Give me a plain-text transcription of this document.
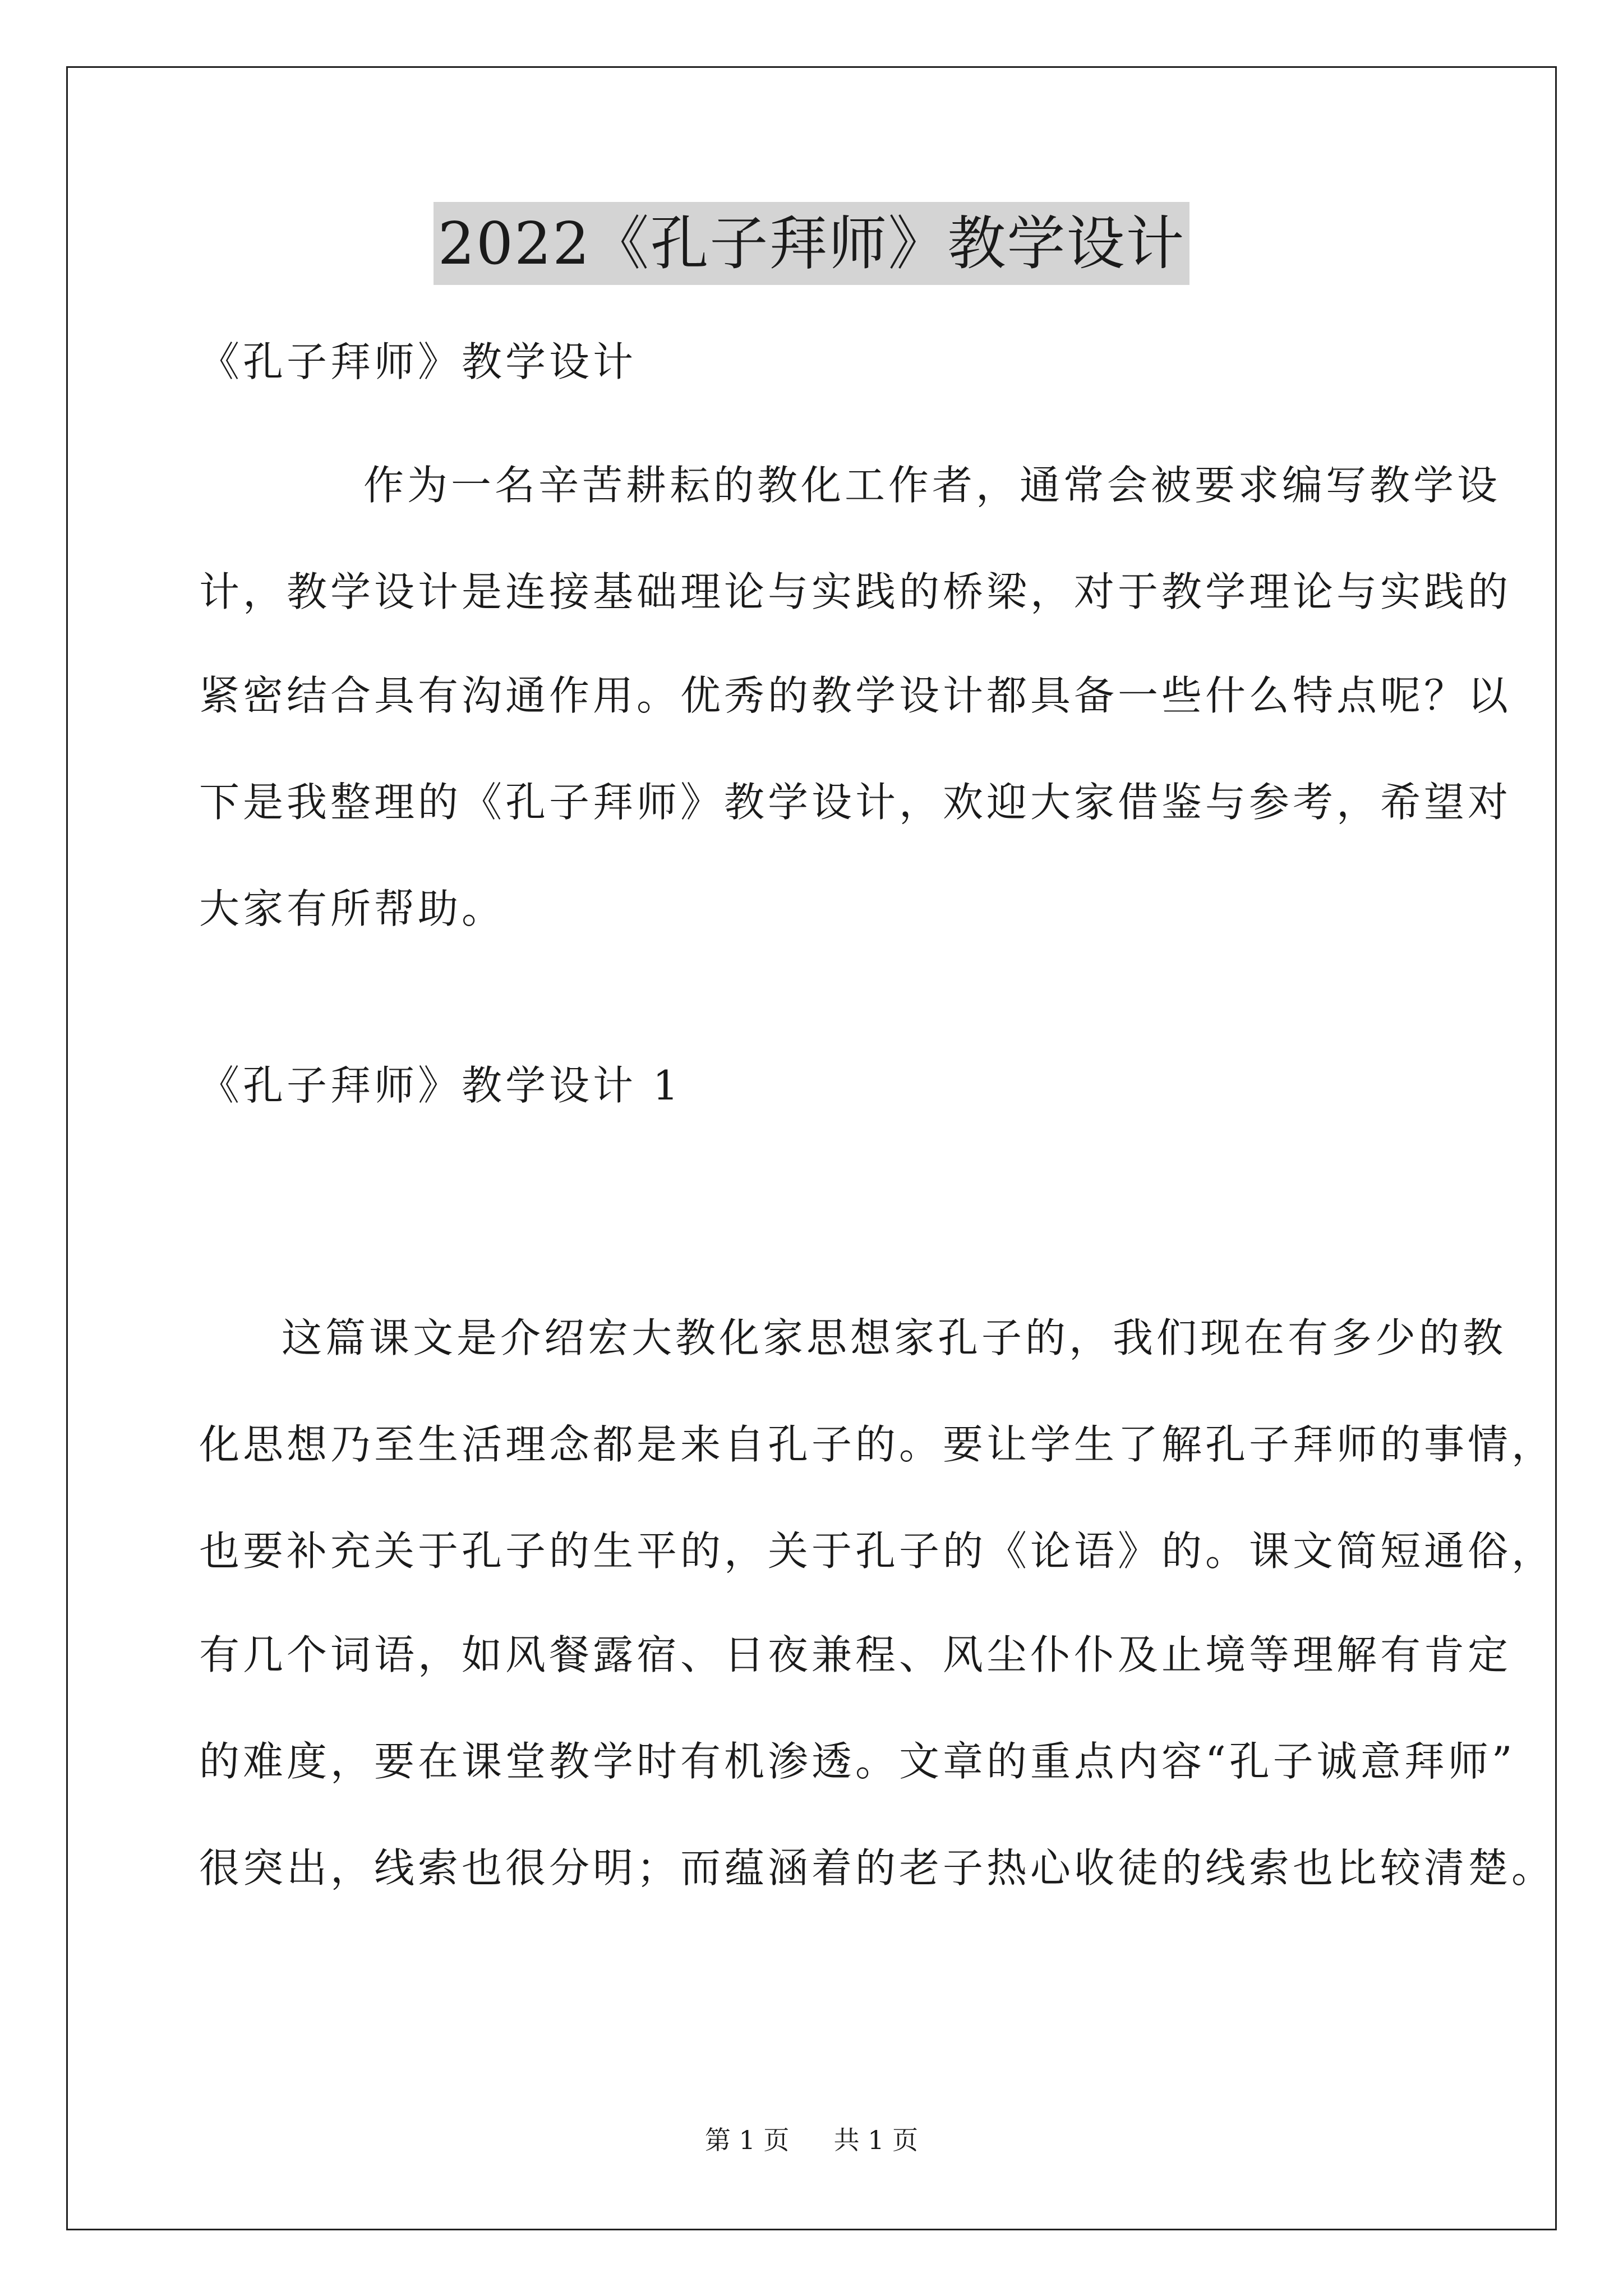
2022《孔子拜师》教学设计
《孔子拜师》教学设计
作为一名辛苦耕耘的教化工作者，通常会被要求编写教学设
计，教学设计是连接基础理论与实践的桥梁，对于教学理论与实践的
紧密结合具有沟通作用。优秀的教学设计都具备一些什么特点呢？以
下是我整理的《孔子拜师》教学设计，欢迎大家借鉴与参考，希望对
大家有所帮助。
《孔子拜师》教学设计 1
这篇课文是介绍宏大教化家思想家孔子的，我们现在有多少的教
化思想乃至生活理念都是来自孔子的。要让学生了解孔子拜师的事情，
也要补充关于孔子的生平的，关于孔子的《论语》的。课文简短通俗，
有几个词语，如风餐露宿、日夜兼程、风尘仆仆及止境等理解有肯定
的难度，要在课堂教学时有机渗透。文章的重点内容“孔子诚意拜师”
很突出，线索也很分明；而蕴涵着的老子热心收徒的线索也比较清楚。
第 1 页 共 1 页
